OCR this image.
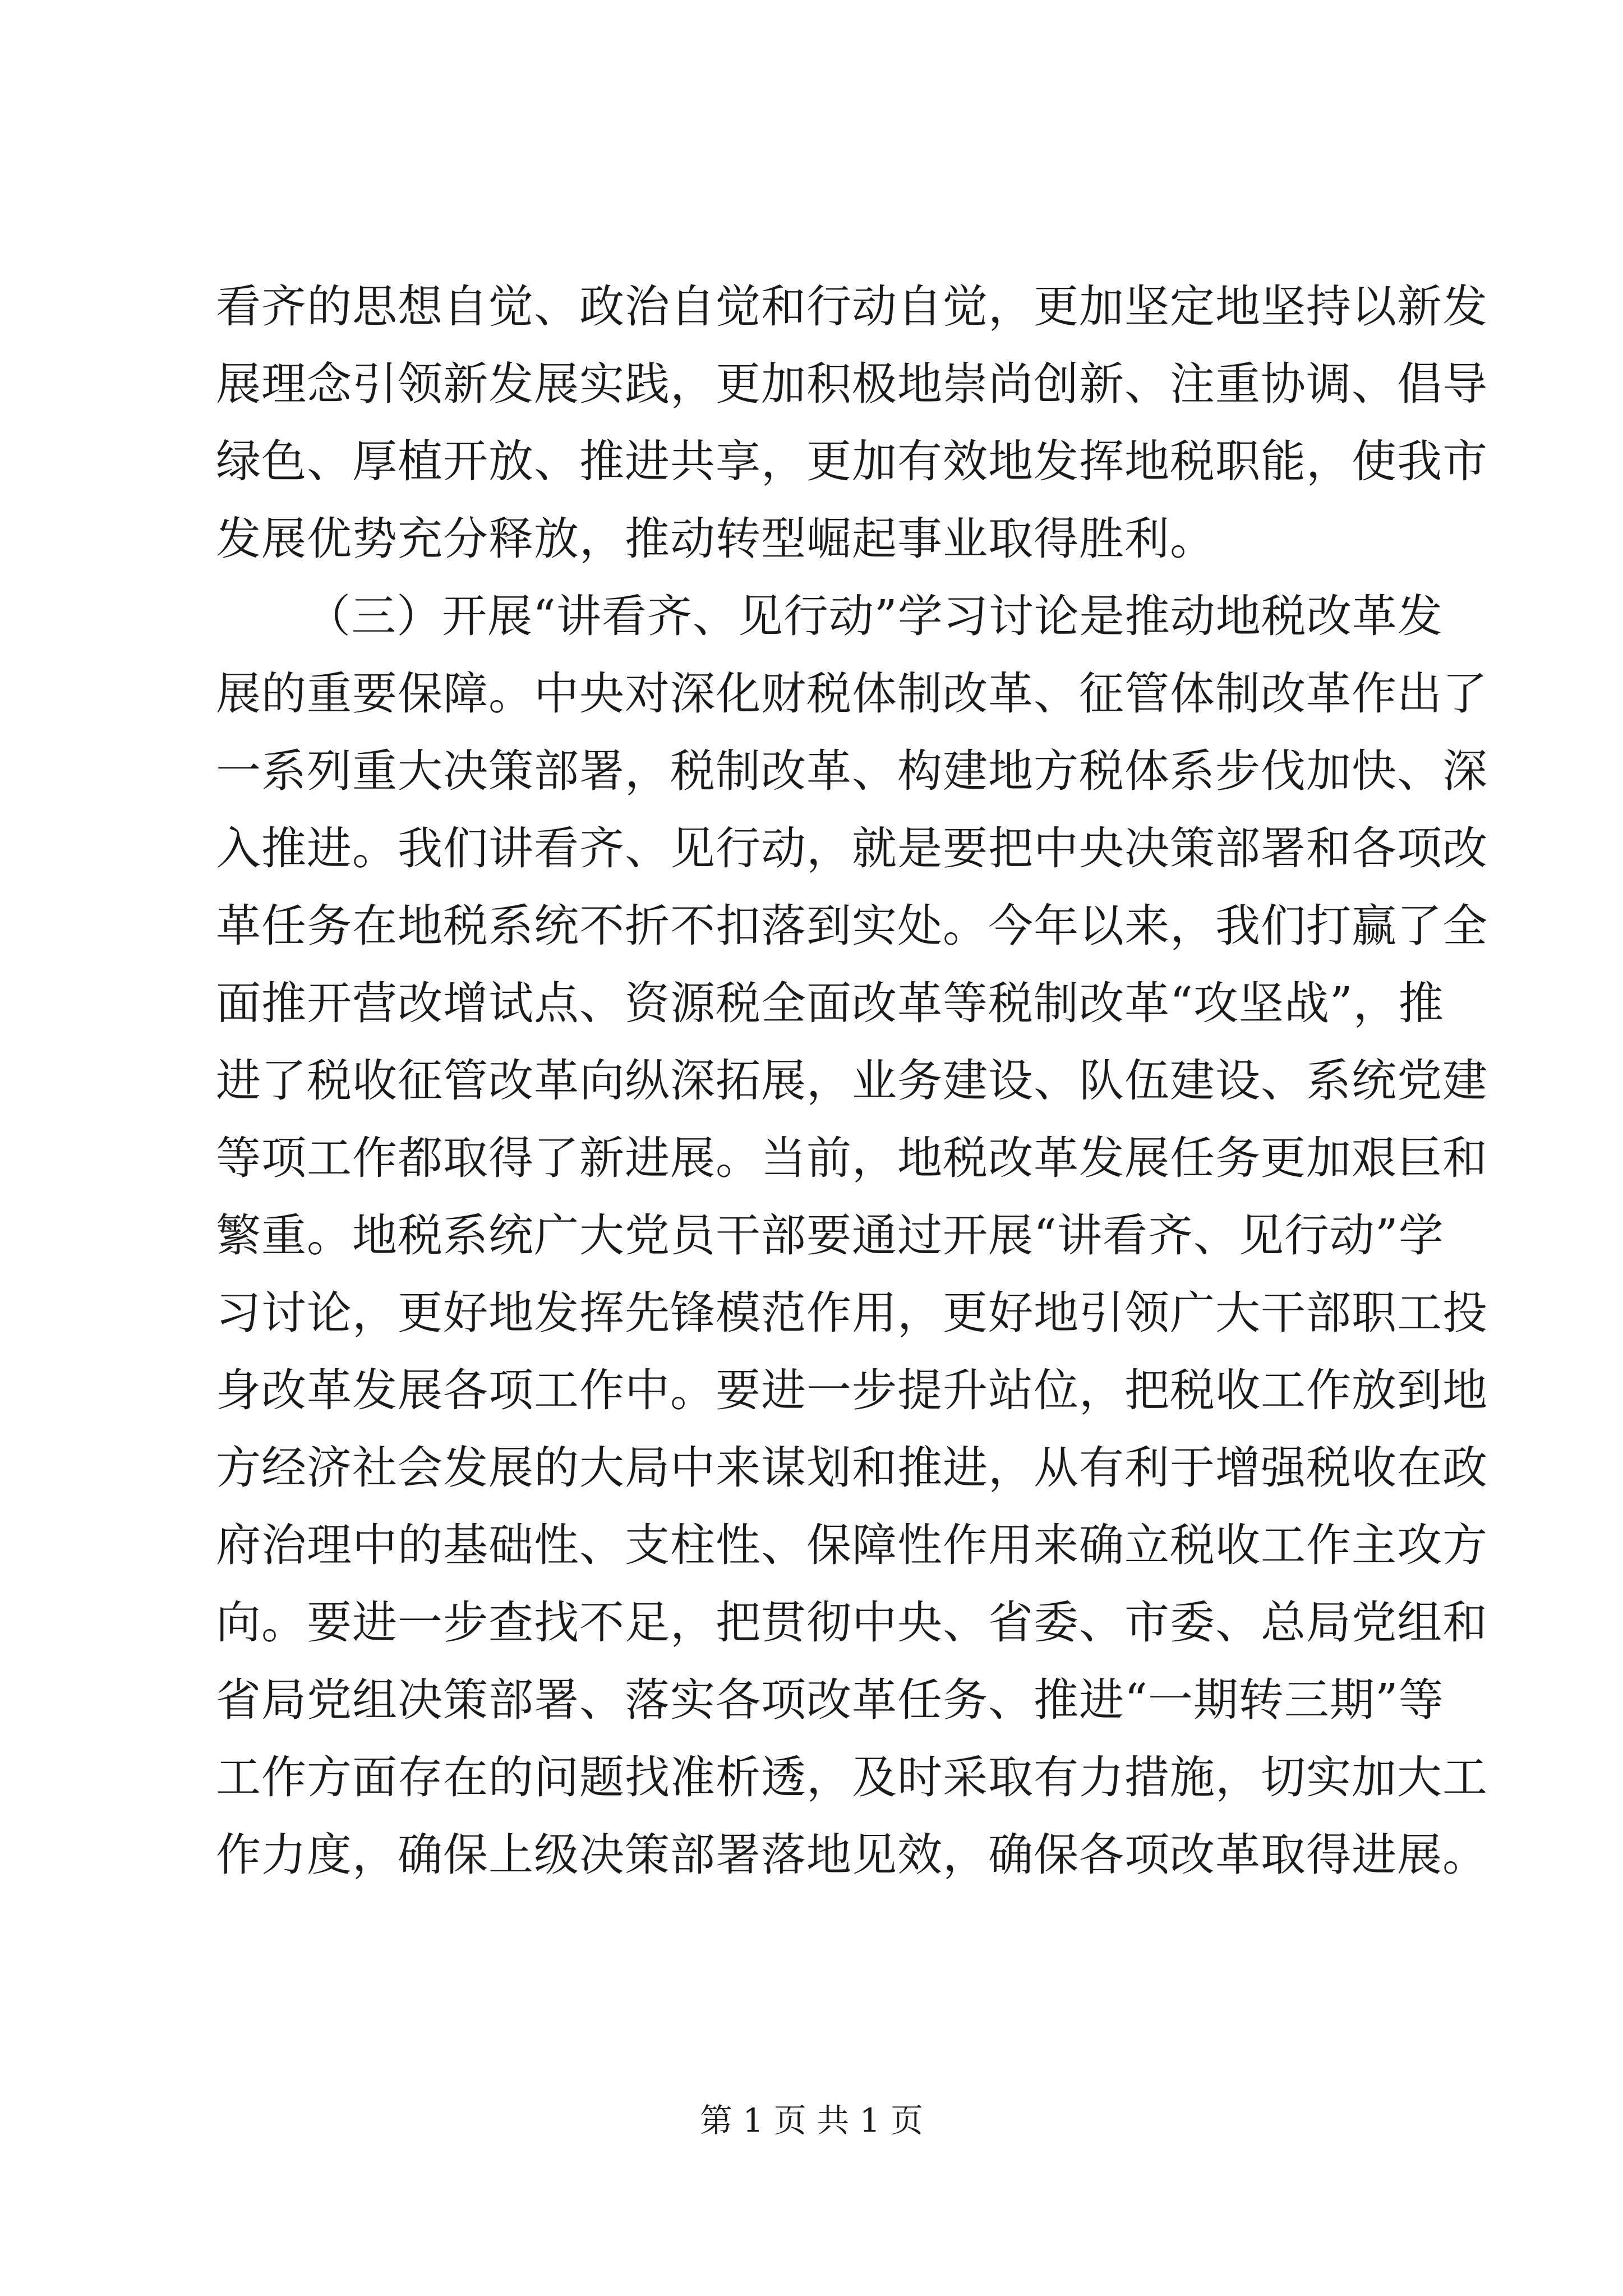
看齐的思想自觉、政治自觉和行动自觉，更加坚定地坚持以新发
展理念引领新发展实践，更加积极地崇尚创新、注重协调、倡导
绿色、厚植开放、推进共享，更加有效地发挥地税职能，使我市
发展优势充分释放，推动转型崛起事业取得胜利。
（三）开展“讲看齐、见行动”学习讨论是推动地税改革发
展的重要保障。中央对深化财税体制改革、征管体制改革作出了
一系列重大决策部署，税制改革、构建地方税体系步伐加快、深
入推进。我们讲看齐、见行动，就是要把中央决策部署和各项改
革任务在地税系统不折不扣落到实处。今年以来，我们打赢了全
面推开营改增试点、资源税全面改革等税制改革“攻坚战”，推
进了税收征管改革向纵深拓展，业务建设、队伍建设、系统党建
等项工作都取得了新进展。当前，地税改革发展任务更加艰巨和
繁重。地税系统广大党员干部要通过开展“讲看齐、见行动”学
习讨论，更好地发挥先锋模范作用，更好地引领广大干部职工投
身改革发展各项工作中。要进一步提升站位，把税收工作放到地
方经济社会发展的大局中来谋划和推进，从有利于增强税收在政
府治理中的基础性、支柱性、保障性作用来确立税收工作主攻方
向。要进一步查找不足，把贯彻中央、省委、市委、总局党组和
省局党组决策部署、落实各项改革任务、推进“一期转三期”等
工作方面存在的问题找准析透，及时采取有力措施，切实加大工
作力度，确保上级决策部署落地见效，确保各项改革取得进展。
第 1 页 共 1 页
